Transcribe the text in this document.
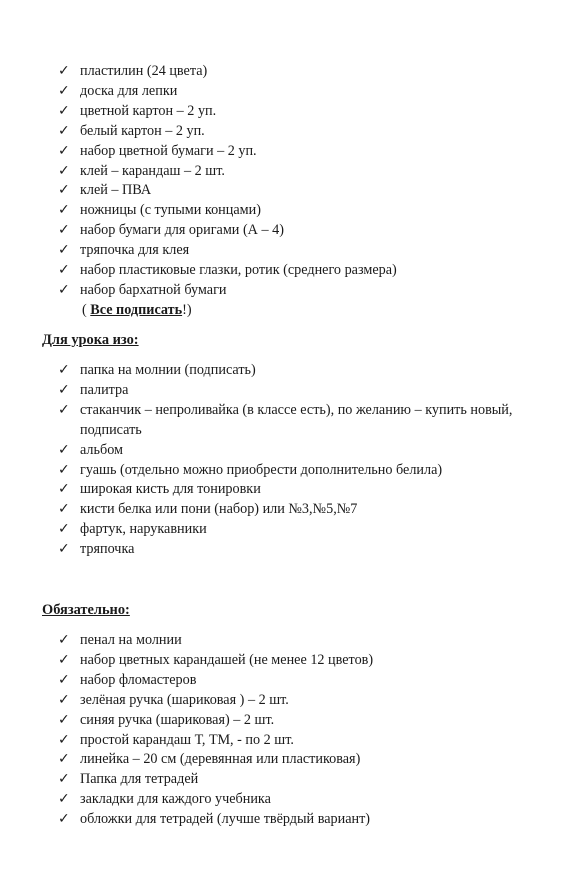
✓ пластилин (24 цвета)
✓ доска для лепки
✓ цветной картон – 2 уп.
✓ белый картон – 2 уп.
✓ набор цветной бумаги – 2 уп.
✓ клей – карандаш – 2 шт.
✓ клей – ПВА
✓ ножницы (с тупыми концами)
✓ набор бумаги для оригами (А – 4)
✓ тряпочка для клея
✓ набор пластиковые глазки, ротик (среднего размера)
✓ набор бархатной бумаги
( Все подписать!)

Для урока изо:

✓ папка на молнии (подписать)
✓ палитра
✓ стаканчик – непроливайка (в классе есть), по желанию – купить новый,
подписать
✓ альбом
✓ гуашь (отдельно можно приобрести дополнительно белила)
✓ широкая кисть для тонировки
✓ кисти белка или пони (набор) или №3,№5,№7
✓ фартук, нарукавники
✓ тряпочка

Обязательно:

✓ пенал на молнии
✓ набор цветных карандашей (не менее 12 цветов)
✓ набор фломастеров
✓ зелёная ручка (шариковая ) – 2 шт.
✓ синяя ручка (шариковая) – 2 шт.
✓ простой карандаш Т, ТМ, - по 2 шт.
✓ линейка – 20 см (деревянная или пластиковая)
✓ Папка для тетрадей
✓ закладки для каждого учебника
✓ обложки для тетрадей (лучше твёрдый вариант)
